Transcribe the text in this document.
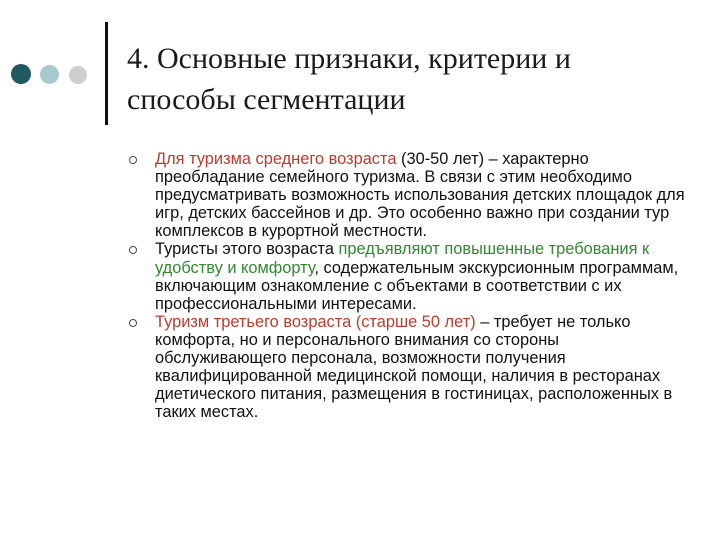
4. Основные признаки, критерии и способы сегментации
Для туризма среднего возраста (30-50 лет) – характерно преобладание семейного туризма. В связи с этим необходимо предусматривать возможность использования детских площадок для игр, детских бассейнов и др. Это особенно важно при создании тур комплексов в курортной местности.
Туристы этого возраста предъявляют повышенные требования к удобству и комфорту, содержательным экскурсионным программам, включающим ознакомление с объектами в соответствии с их профессиональными интересами.
Туризм третьего возраста (старше 50 лет) – требует не только комфорта, но и персонального внимания со стороны обслуживающего персонала, возможности получения квалифицированной медицинской помощи, наличия в ресторанах диетического питания, размещения в гостиницах, расположенных в таких местах.
